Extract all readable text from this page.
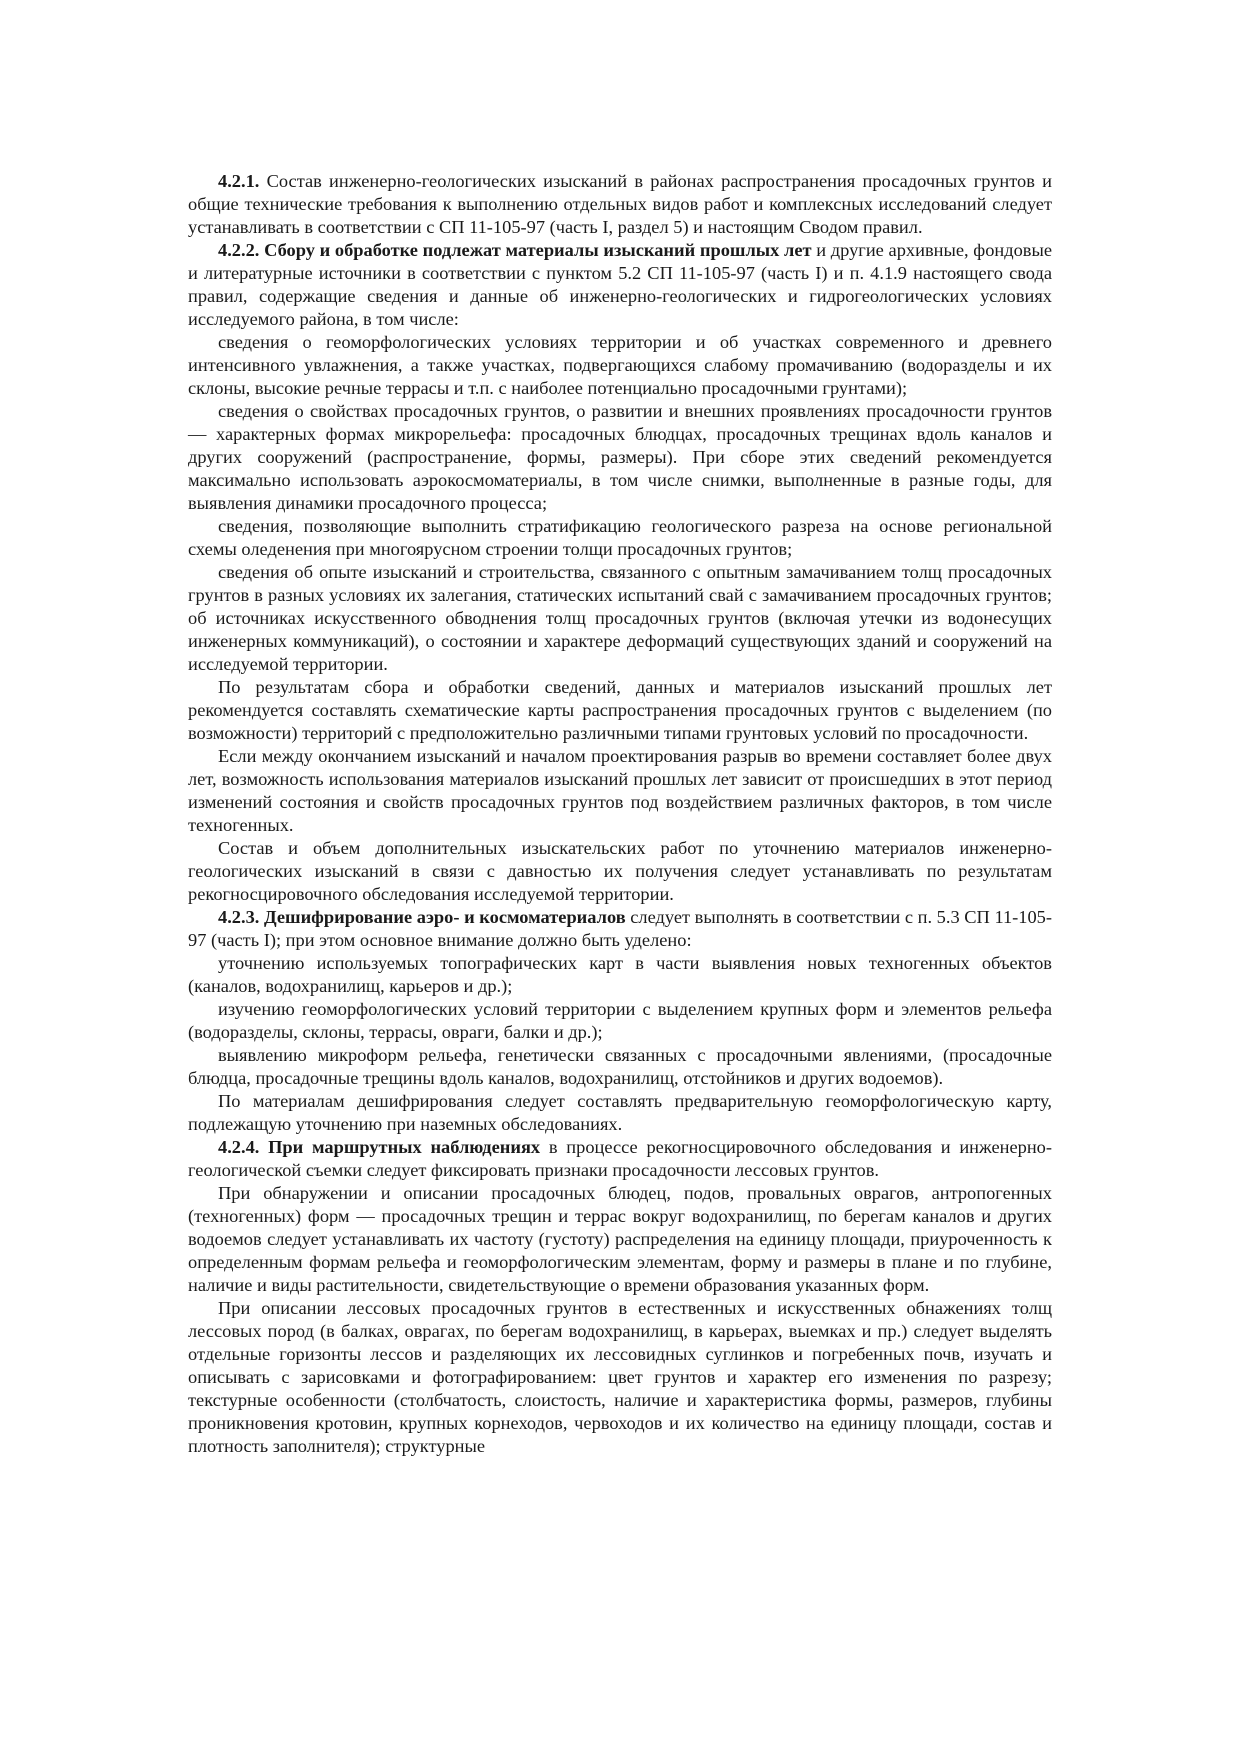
4.2.1. Состав инженерно-геологических изысканий в районах распространения просадочных грунтов и общие технические требования к выполнению отдельных видов работ и комплексных исследований следует устанавливать в соответствии с СП 11-105-97 (часть I, раздел 5) и настоящим Сводом правил.

4.2.2. Сбору и обработке подлежат материалы изысканий прошлых лет и другие архивные, фондовые и литературные источники в соответствии с пунктом 5.2 СП 11-105-97 (часть I) и п. 4.1.9 настоящего свода правил, содержащие сведения и данные об инженерно-геологических и гидрогеологических условиях исследуемого района, в том числе:

сведения о геоморфологических условиях территории и об участках современного и древнего интенсивного увлажнения, а также участках, подвергающихся слабому промачиванию (водоразделы и их склоны, высокие речные террасы и т.п. с наиболее потенциально просадочными грунтами);

сведения о свойствах просадочных грунтов, о развитии и внешних проявлениях просадочности грунтов — характерных формах микрорельефа: просадочных блюдцах, просадочных трещинах вдоль каналов и других сооружений (распространение, формы, размеры). При сборе этих сведений рекомендуется максимально использовать аэрокосмоматериалы, в том числе снимки, выполненные в разные годы, для выявления динамики просадочного процесса;

сведения, позволяющие выполнить стратификацию геологического разреза на основе региональной схемы оледенения при многоярусном строении толщи просадочных грунтов;

сведения об опыте изысканий и строительства, связанного с опытным замачиванием толщ просадочных грунтов в разных условиях их залегания, статических испытаний свай с замачиванием просадочных грунтов; об источниках искусственного обводнения толщ просадочных грунтов (включая утечки из водонесущих инженерных коммуникаций), о состоянии и характере деформаций существующих зданий и сооружений на исследуемой территории.

По результатам сбора и обработки сведений, данных и материалов изысканий прошлых лет рекомендуется составлять схематические карты распространения просадочных грунтов с выделением (по возможности) территорий с предположительно различными типами грунтовых условий по просадочности.

Если между окончанием изысканий и началом проектирования разрыв во времени составляет более двух лет, возможность использования материалов изысканий прошлых лет зависит от происшедших в этот период изменений состояния и свойств просадочных грунтов под воздействием различных факторов, в том числе техногенных.

Состав и объем дополнительных изыскательских работ по уточнению материалов инженерно-геологических изысканий в связи с давностью их получения следует устанавливать по результатам рекогносцировочного обследования исследуемой территории.

4.2.3. Дешифрирование аэро- и космоматериалов следует выполнять в соответствии с п. 5.3 СП 11-105-97 (часть I); при этом основное внимание должно быть уделено:

уточнению используемых топографических карт в части выявления новых техногенных объектов (каналов, водохранилищ, карьеров и др.);

изучению геоморфологических условий территории с выделением крупных форм и элементов рельефа (водоразделы, склоны, террасы, овраги, балки и др.);

выявлению микроформ рельефа, генетически связанных с просадочными явлениями, (просадочные блюдца, просадочные трещины вдоль каналов, водохранилищ, отстойников и других водоемов).

По материалам дешифрирования следует составлять предварительную геоморфологическую карту, подлежащую уточнению при наземных обследованиях.

4.2.4. При маршрутных наблюдениях в процессе рекогносцировочного обследования и инженерно-геологической съемки следует фиксировать признаки просадочности лессовых грунтов.

При обнаружении и описании просадочных блюдец, подов, провальных оврагов, антропогенных (техногенных) форм — просадочных трещин и террас вокруг водохранилищ, по берегам каналов и других водоемов следует устанавливать их частоту (густоту) распределения на единицу площади, приуроченность к определенным формам рельефа и геоморфологическим элементам, форму и размеры в плане и по глубине, наличие и виды растительности, свидетельствующие о времени образования указанных форм.

При описании лессовых просадочных грунтов в естественных и искусственных обнажениях толщ лессовых пород (в балках, оврагах, по берегам водохранилищ, в карьерах, выемках и пр.) следует выделять отдельные горизонты лессов и разделяющих их лессовидных суглинков и погребенных почв, изучать и описывать с зарисовками и фотографированием: цвет грунтов и характер его изменения по разрезу; текстурные особенности (столбчатость, слоистость, наличие и характеристика формы, размеров, глубины проникновения кротовин, крупных корнеходов, червоходов и их количество на единицу площади, состав и плотность заполнителя); структурные
